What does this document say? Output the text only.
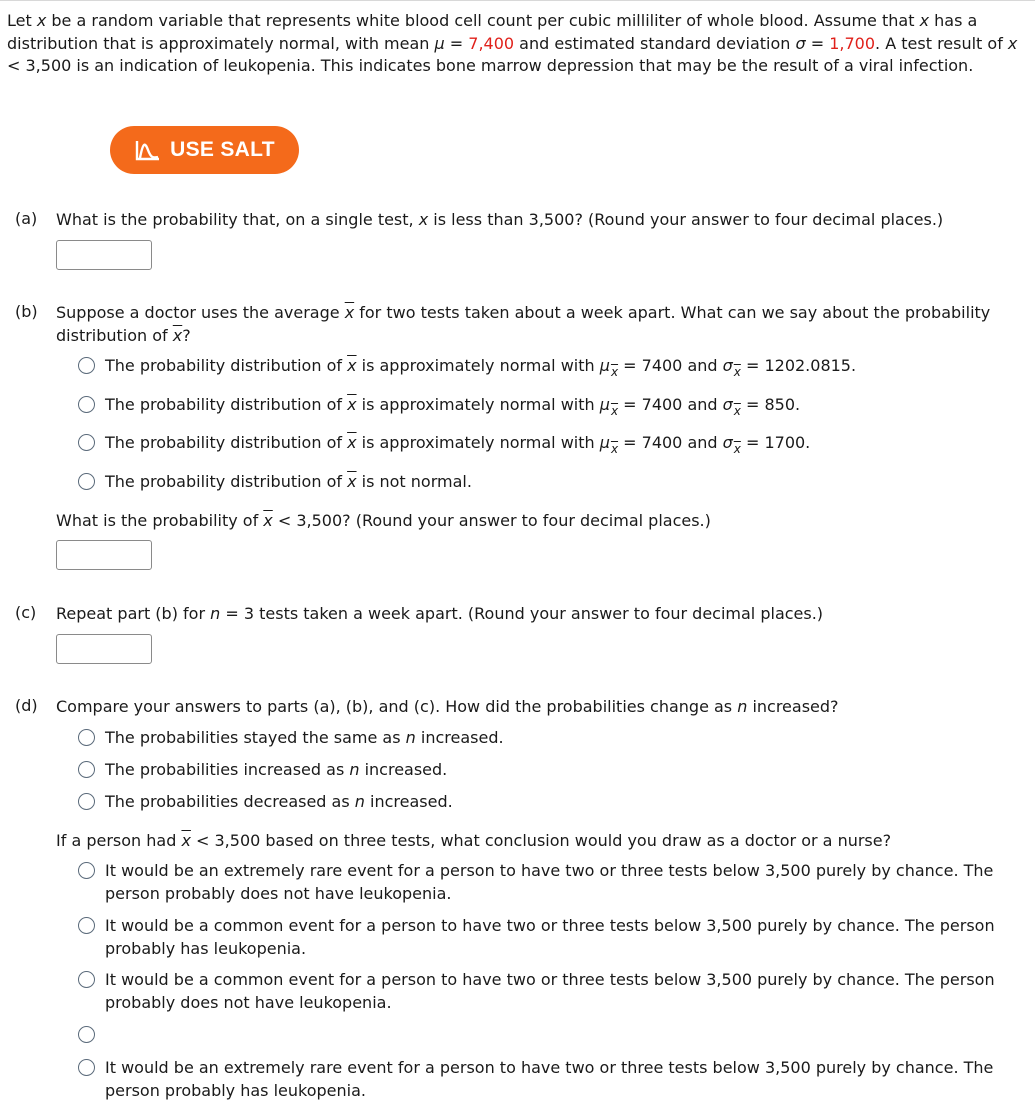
Let x be a random variable that represents white blood cell count per cubic milliliter of whole blood. Assume that x has a distribution that is approximately normal, with mean μ = 7,400 and estimated standard deviation σ = 1,700. A test result of x < 3,500 is an indication of leukopenia. This indicates bone marrow depression that may be the result of a viral infection.
USE SALT
(a) What is the probability that, on a single test, x is less than 3,500? (Round your answer to four decimal places.)
(b) Suppose a doctor uses the average $\overline{x}$ for two tests taken about a week apart. What can we say about the probability distribution of $\overline{x}$?
The probability distribution of $\overline{x}$ is approximately normal with $\mu_{\overline{x}} = 7400$ and $\sigma_{\overline{x}} = 1202.0815$.
The probability distribution of $\overline{x}$ is approximately normal with $\mu_{\overline{x}} = 7400$ and $\sigma_{\overline{x}} = 850$.
The probability distribution of $\overline{x}$ is approximately normal with $\mu_{\overline{x}} = 7400$ and $\sigma_{\overline{x}} = 1700$.
The probability distribution of $\overline{x}$ is not normal.
What is the probability of $\overline{x} < 3,500$? (Round your answer to four decimal places.)
(c) Repeat part (b) for n = 3 tests taken a week apart. (Round your answer to four decimal places.)
(d) Compare your answers to parts (a), (b), and (c). How did the probabilities change as n increased?
The probabilities stayed the same as n increased.
The probabilities increased as n increased.
The probabilities decreased as n increased.
If a person had $\overline{x} < 3,500$ based on three tests, what conclusion would you draw as a doctor or a nurse?
It would be an extremely rare event for a person to have two or three tests below 3,500 purely by chance. The person probably does not have leukopenia.
It would be a common event for a person to have two or three tests below 3,500 purely by chance. The person probably has leukopenia.
It would be a common event for a person to have two or three tests below 3,500 purely by chance. The person probably does not have leukopenia.
It would be an extremely rare event for a person to have two or three tests below 3,500 purely by chance. The person probably has leukopenia.
